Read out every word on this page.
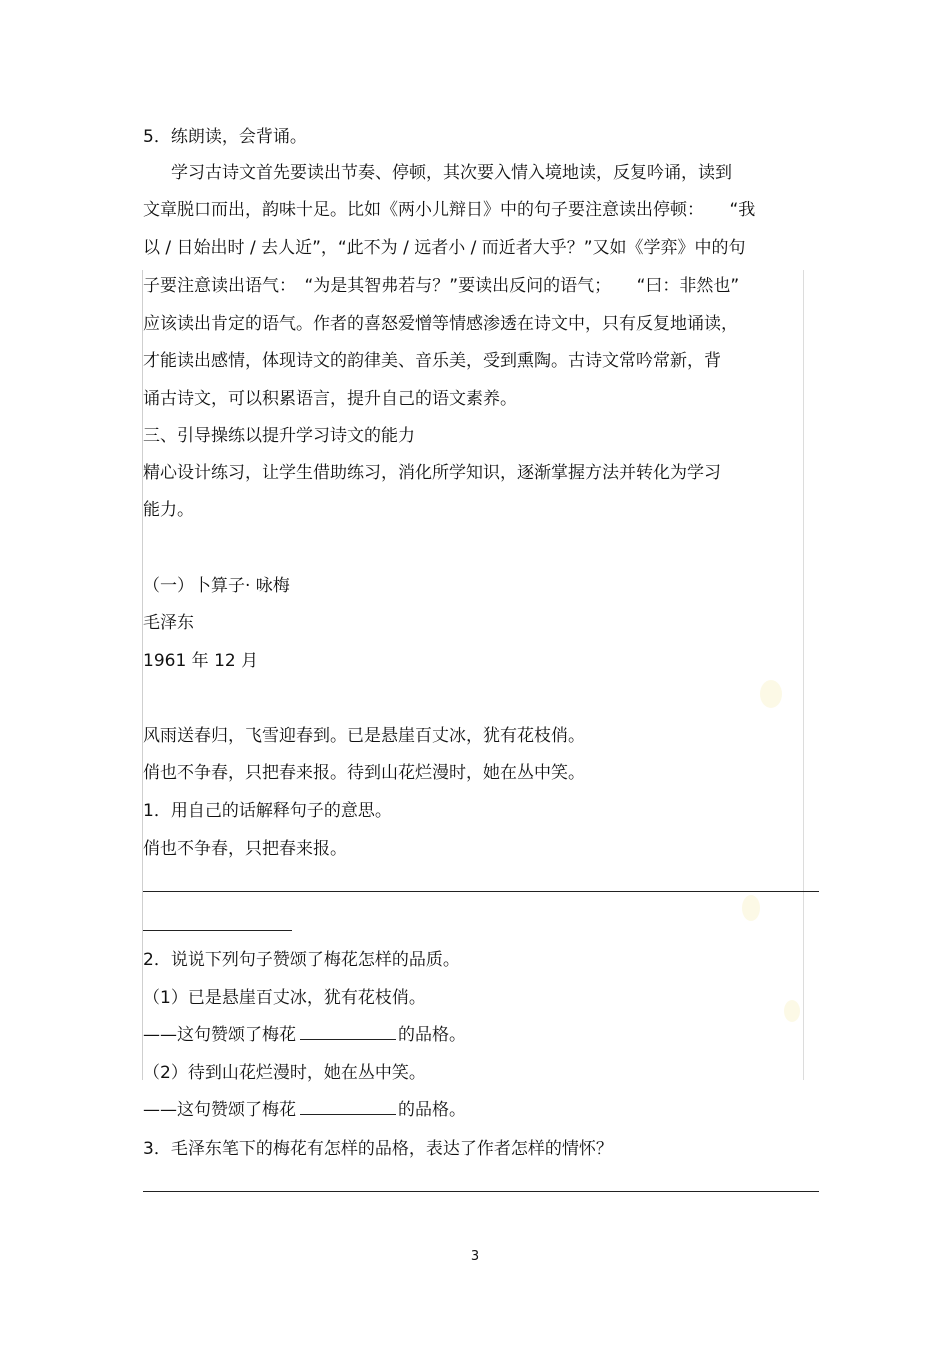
5．练朗读，会背诵。
学习古诗文首先要读出节奏、停顿，其次要入情入境地读，反复吟诵，读到
文章脱口而出，韵味十足。比如《两小儿辩日》中的句子要注意读出停顿：　　“我
以 / 日始出时 / 去人近”，“此不为 / 远者小 / 而近者大乎？”又如《学弈》中的句
子要注意读出语气：　“为是其智弗若与？”要读出反问的语气；　　“曰：非然也”
应该读出肯定的语气。作者的喜怒爱憎等情感渗透在诗文中，只有反复地诵读，
才能读出感情，体现诗文的韵律美、音乐美，受到熏陶。古诗文常吟常新，背
诵古诗文，可以积累语言，提升自己的语文素养。
三、引导操练以提升学习诗文的能力
精心设计练习，让学生借助练习，消化所学知识，逐渐掌握方法并转化为学习
能力。
（一）卜算子· 咏梅
毛泽东
1961 年 12 月
风雨送春归，飞雪迎春到。已是悬崖百丈冰，犹有花枝俏。
俏也不争春，只把春来报。待到山花烂漫时，她在丛中笑。
1．用自己的话解释句子的意思。
俏也不争春，只把春来报。
2．说说下列句子赞颂了梅花怎样的品质。
（1）已是悬崖百丈冰，犹有花枝俏。
——这句赞颂了梅花	的品格。
（2）待到山花烂漫时，她在丛中笑。
——这句赞颂了梅花	的品格。
3．毛泽东笔下的梅花有怎样的品格，表达了作者怎样的情怀？
3
